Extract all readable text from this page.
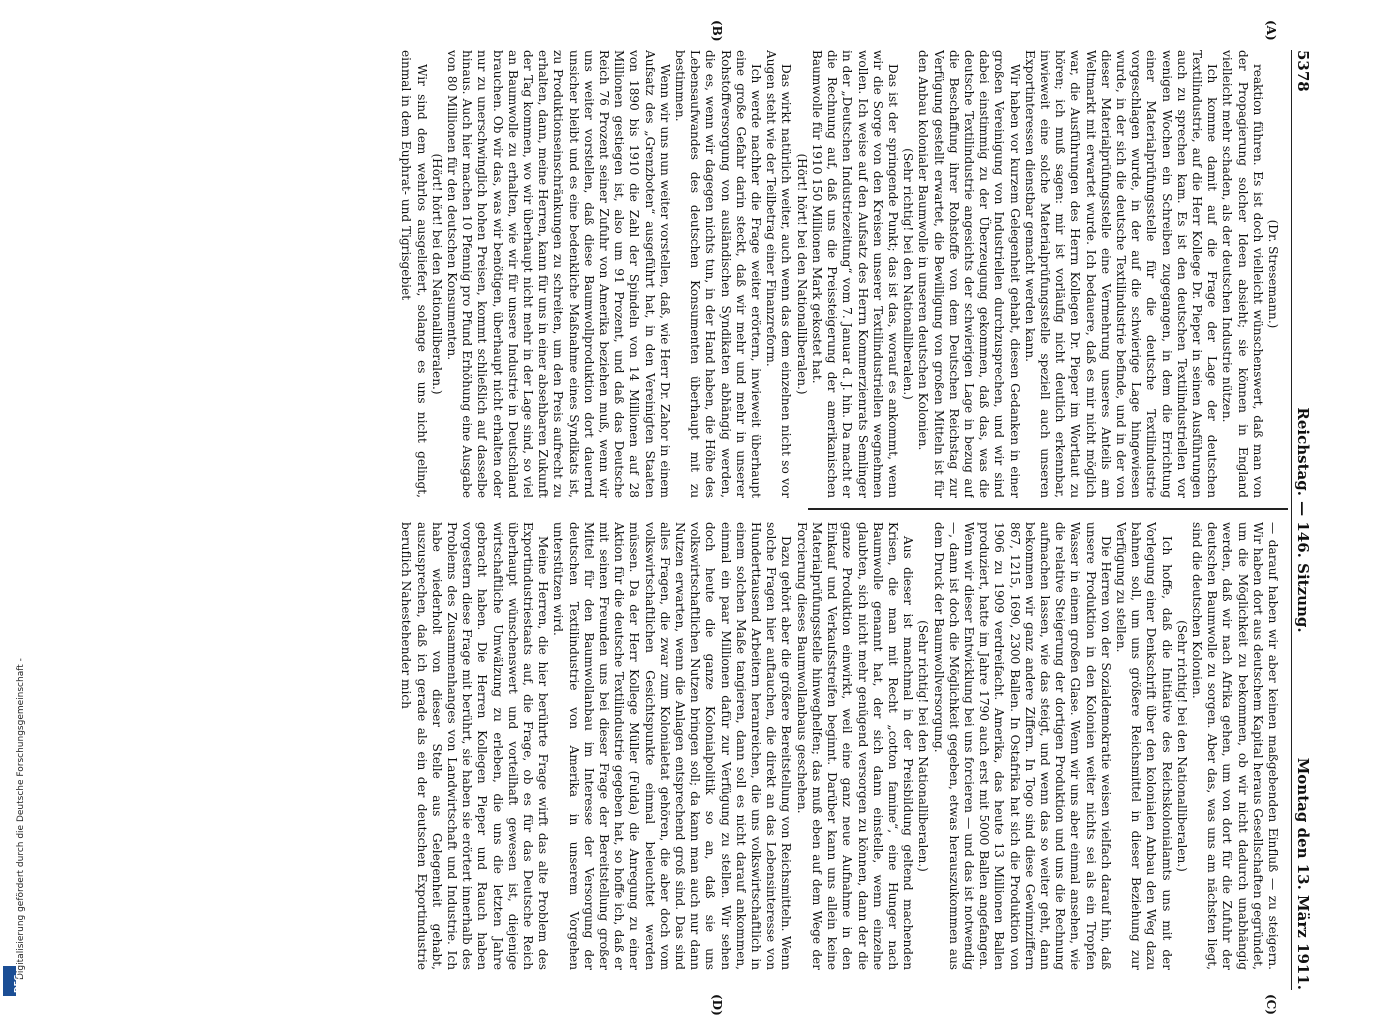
5378
Reichstag. — 146. Sitzung.
Montag den 13. März 1911.
(A)
(B)
(C)
(D)

(Dr. Stresemann.)

reaktion führen. Es ist doch vielleicht wünschenswert, daß man von der Propagierung solcher Ideen absieht; sie können in England vielleicht mehr schaden, als der deutschen Industrie nützen.

Ich komme damit auf die Frage der Lage der deutschen Textilindustrie, auf die Herr Kollege Dr. Pieper in seinen Ausführungen auch zu sprechen kam. Es ist den deutschen Textilindustriellen vor wenigen Wochen ein Schreiben zugegangen, in dem die Errichtung einer Materialprüfungsstelle für die deutsche Textilindustrie vorgeschlagen wurde, in der auf die schwierige Lage hingewiesen wurde, in der sich die deutsche Textilindustrie befinde, und in der von dieser Materialprüfungsstelle eine Vermehrung unseres Anteils am Weltmarkt mit erwartet wurde. Ich bedauere, daß es mir nicht möglich war, die Ausführungen des Herrn Kollegen Dr. Pieper im Wortlaut zu hören; ich muß sagen: mir ist vorläufig nicht deutlich erkennbar, inwieweit eine solche Materialprüfungsstelle speziell auch unseren Exportinteressen dienstbar gemacht werden kann.

Wir haben vor kurzem Gelegenheit gehabt, diesen Gedanken in einer großen Vereinigung von Industriellen durchzusprechen, und wir sind dabei einstimmig zu der Überzeugung gekommen, daß das, was die deutsche Textilindustrie angesichts der schwierigen Lage in bezug auf die Beschaffung ihrer Rohstoffe von dem Deutschen Reichstag zur Verfügung gestellt erwartet, die Bewilligung von großen Mitteln ist für den Anbau kolonialer Baumwolle in unseren deutschen Kolonien.

(Sehr richtig! bei den Nationalliberalen.)

Das ist der springende Punkt; das ist das, worauf es ankommt, wenn wir die Sorge von den Kreisen unserer Textilindustriellen wegnehmen wollen. Ich weise auf den Aufsatz des Herrn Kommerzienrats Semlinger in der „Deutschen Industriezeitung“ vom 7. Januar d. J. hin. Da macht er die Rechnung auf, daß uns die Preissteigerung der amerikanischen Baumwolle für 1910 150 Millionen Mark gekostet hat.

(Hört! hört! bei den Nationalliberalen.)

Das wirkt natürlich weiter, auch wenn das dem einzelnen nicht so vor Augen steht wie der Teilbetrag einer Finanzreform.

Ich werde nachher die Frage weiter erörtern, inwieweit überhaupt eine große Gefahr darin steckt, daß wir mehr und mehr in unserer Rohstoffversorgung von ausländischen Syndikaten abhängig werden, die es, wenn wir dagegen nichts tun, in der Hand haben, die Höhe des Lebensaufwandes des deutschen Konsumenten überhaupt mit zu bestimmen.

Wenn wir uns nun weiter vorstellen, daß, wie Herr Dr. Zahor in einem Aufsatz des „Grenzboten“ ausgeführt hat, in den Vereinigten Staaten von 1890 bis 1910 die Zahl der Spindeln von 14 Millionen auf 28 Millionen gestiegen ist, also um 91 Prozent, und daß das Deutsche Reich 76 Prozent seiner Zufuhr von Amerika beziehen muß, wenn wir uns weiter vorstellen, daß diese Baumwollproduktion dort dauernd unsicher bleibt und es eine bedenkliche Maßnahme eines Syndikats ist, zu Produktionseinschränkungen zu schreiten, um den Preis aufrecht zu erhalten, dann, meine Herren, kann für uns in einer absehbaren Zukunft der Tag kommen, wo wir überhaupt nicht mehr in der Lage sind, so viel an Baumwolle zu erhalten, wie wir für unsere Industrie in Deutschland brauchen. Ob wir das, was wir benötigen, überhaupt nicht erhalten oder nur zu unerschwinglich hohen Preisen, kommt schließlich auf dasselbe hinaus. Auch hier machen 10 Pfennig pro Pfund Erhöhung eine Ausgabe von 80 Millionen für den deutschen Konsumenten.

(Hört! hört! bei den Nationalliberalen.)

Wir sind dem wehrlos ausgeliefert, solange es uns nicht gelingt, einmal in dem Euphrat- und Tigrisgebiet

— darauf haben wir aber keinen maßgebenden Einfluß — zu steigern. Wir haben dort aus deutschem Kapital heraus Gesellschaften gegründet, um die Möglichkeit zu bekommen, ob wir nicht dadurch unabhängig werden, daß wir nach Afrika gehen, um von dort für die Zufuhr der deutschen Baumwolle zu sorgen. Aber das, was uns am nächsten liegt, sind die deutschen Kolonien.

(Sehr richtig! bei den Nationalliberalen.)

Ich hoffe, daß die Initiative des Reichskolonialamts uns mit der Vorlegung einer Denkschrift über den kolonialen Anbau den Weg dazu bahnen soll, um uns größere Reichsmittel in dieser Beziehung zur Verfügung zu stellen.

Die Herren von der Sozialdemokratie weisen vielfach darauf hin, daß unsere Produktion in den Kolonien weiter nichts sei als ein Tropfen Wasser in einem großen Glase. Wenn wir uns aber einmal ansehen, wie die relative Steigerung der dortigen Produktion und uns die Rechnung aufmachen lassen, wie das steigt, und wenn das so weiter geht, dann bekommen wir ganz andere Ziffern. In Togo sind diese Gewinnziffern 867, 1215, 1690, 2300 Ballen. In Ostafrika hat sich die Produktion von 1906 zu 1909 verdreifacht. Amerika, das heute 13 Millionen Ballen produziert, hatte im Jahre 1790 auch erst mit 5000 Ballen angefangen. Wenn wir dieser Entwicklung bei uns forcieren — und das ist notwendig —, dann ist doch die Möglichkeit gegeben, etwas herauszukommen aus dem Druck der Baumwollversorgung.

(Sehr richtig! bei den Nationalliberalen.)

Aus dieser ist manchmal in der Preisbildung geltend machenden Krisen, die man mit Recht „cotton famine“, eine Hunger nach Baumwolle genannt hat, der sich dann einstelle, wenn einzelne glaubten, sich nicht mehr genügend versorgen zu können, dann der die ganze Produktion einwirkt, weil eine ganz neue Aufnahme in den Einkauf und Verkaufsstreifen beginnt. Darüber kann uns allein keine Materialprüfungsstelle hinweghelfen; das muß eben auf dem Wege der Forcierung dieses Baumwollanbaus geschehen.

Dazu gehört aber die größere Bereitstellung von Reichsmitteln. Wenn solche Fragen hier auftauchen, die direkt an das Lebensinteresse von Hunderttausend Arbeitern heranreichen, die uns volkswirtschaftlich in einem solchen Maße tangieren, dann soll es nicht darauf ankommen, einmal ein paar Millionen dafür zur Verfügung zu stellen. Wir sehen doch heute die ganze Kolonialpolitik so an, daß sie uns volkswirtschaftlichen Nutzen bringen soll; da kann man auch nur dann Nutzen erwarten, wenn die Anlagen entsprechend groß sind. Das sind alles Fragen, die zwar zum Kolonialetat gehören, die aber doch vom volkswirtschaftlichen Gesichtspunkte einmal beleuchtet werden müssen. Da der Herr Kollege Müller (Fulda) die Anregung zu einer Aktion für die deutsche Textilindustrie gegeben hat, so hoffe ich, daß er mit seinen Freunden uns bei dieser Frage der Bereitstellung großer Mittel für den Baumwollanbau im Interesse der Versorgung der deutschen Textilindustrie von Amerika in unserem Vorgehen unterstützen wird.

Meine Herren, die hier berührte Frage wirft das alte Problem des Exportindustriestaats auf, die Frage, ob es für das Deutsche Reich überhaupt wünschenswert und vorteilhaft gewesen ist, diejenige wirtschaftliche Umwälzung zu erleben, die uns die letzten Jahre gebracht haben. Die Herren Kollegen Pieper und Rauch haben vorgestern diese Frage mit berührt, sie haben sie erörtert innerhalb des Problems des Zusammenhanges von Landwirtschaft und Industrie. Ich habe wiederholt von dieser Stelle aus Gelegenheit gehabt, auszusprechen, daß ich gerade als ein der deutschen Exportindustrie beruflich Nahestehender mich

Digitalisierung gefördert durch die Deutsche Forschungsgemeinschaft -
DFG
